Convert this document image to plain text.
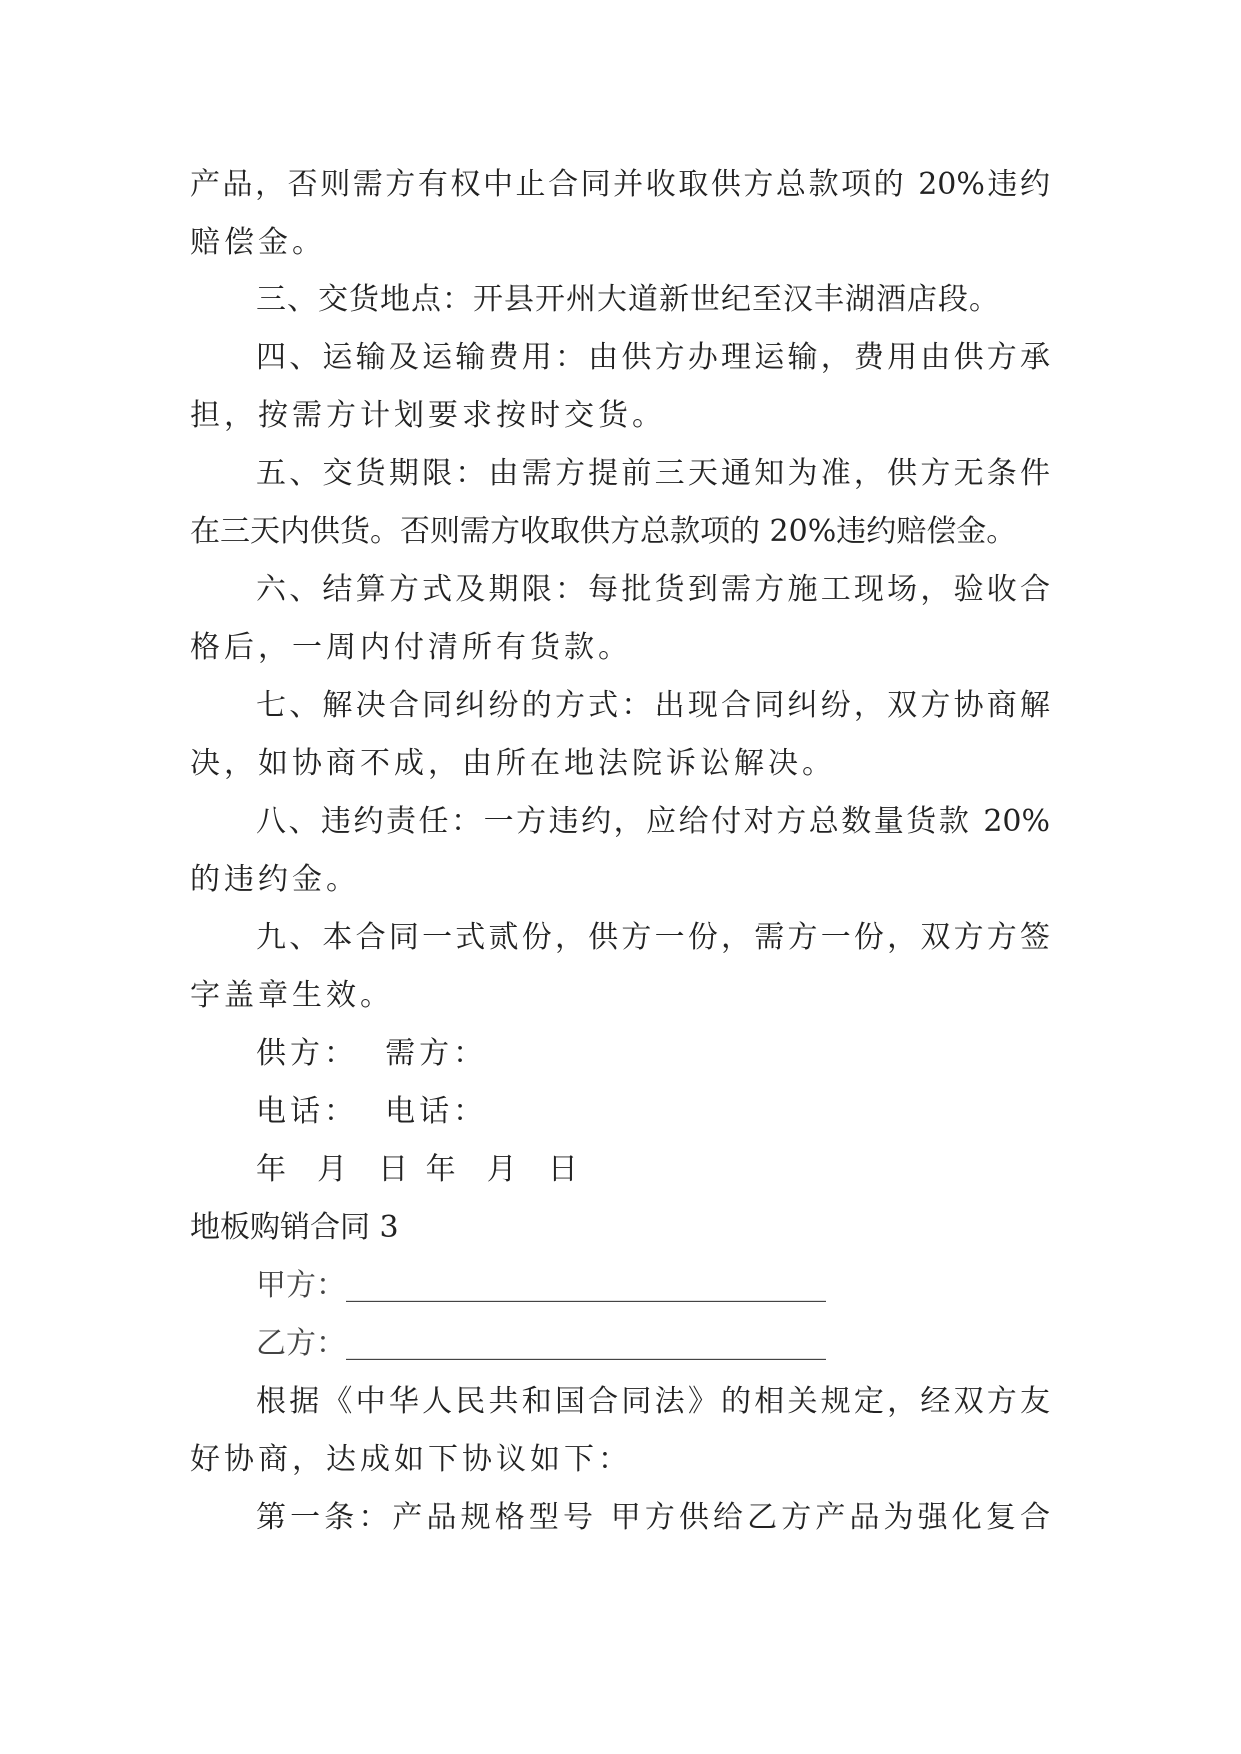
产品，否则需方有权中止合同并收取供方总款项的 20%违约
赔偿金。
三、交货地点：开县开州大道新世纪至汉丰湖酒店段。
四、运输及运输费用：由供方办理运输，费用由供方承
担，按需方计划要求按时交货。
五、交货期限：由需方提前三天通知为准，供方无条件
在三天内供货。否则需方收取供方总款项的 20%违约赔偿金。
六、结算方式及期限：每批货到需方施工现场，验收合
格后，一周内付清所有货款。
七、解决合同纠纷的方式：出现合同纠纷，双方协商解
决，如协商不成，由所在地法院诉讼解决。
八、违约责任：一方违约，应给付对方总数量货款 20%
的违约金。
九、本合同一式贰份，供方一份，需方一份，双方方签
字盖章生效。
供方：  需方：
电话：  电话：
年  月  日 年  月  日
地板购销合同 3
甲方：________________________________
乙方：________________________________
根据《中华人民共和国合同法》的相关规定，经双方友
好协商，达成如下协议如下：
第一条：产品规格型号 甲方供给乙方产品为强化复合
